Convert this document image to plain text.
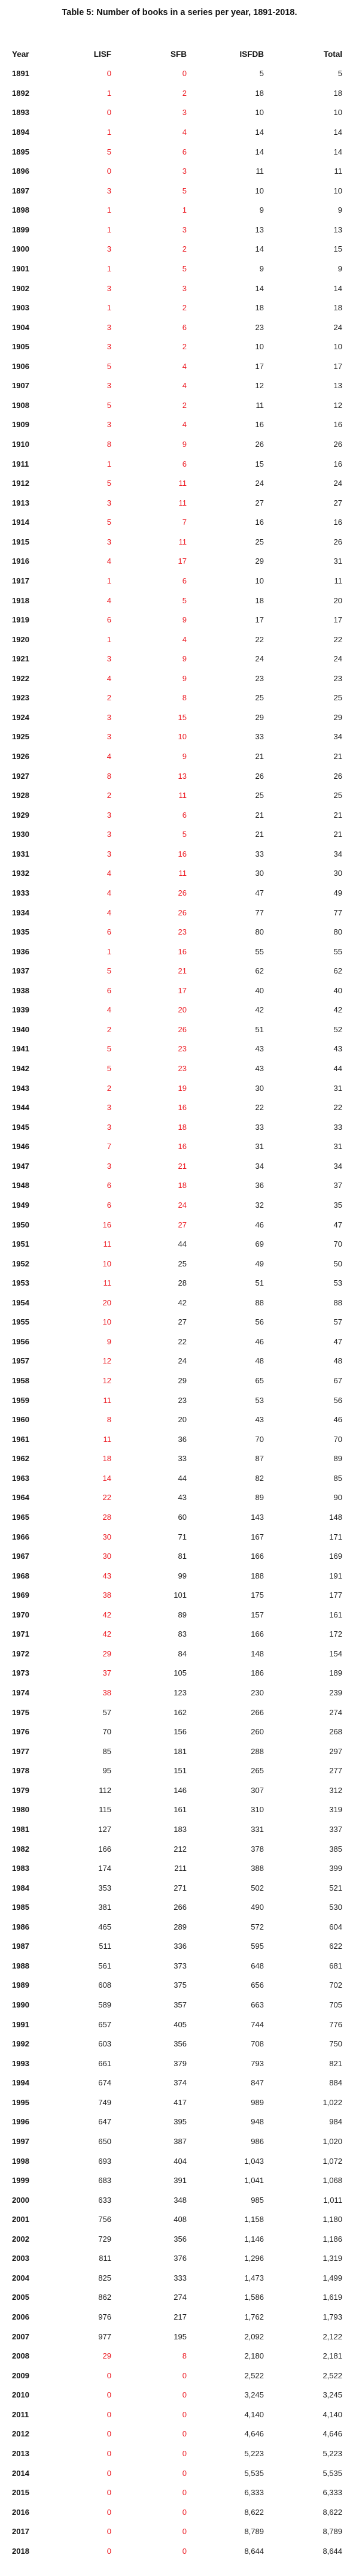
Table 5: Number of books in a series per year, 1891-2018.
Year	LISF	SFB	ISFDB	Total
1891	0	0	5	5
1892	1	2	18	18
1893	0	3	10	10
1894	1	4	14	14
1895	5	6	14	14
1896	0	3	11	11
1897	3	5	10	10
1898	1	1	9	9
1899	1	3	13	13
1900	3	2	14	15
1901	1	5	9	9
1902	3	3	14	14
1903	1	2	18	18
1904	3	6	23	24
1905	3	2	10	10
1906	5	4	17	17
1907	3	4	12	13
1908	5	2	11	12
1909	3	4	16	16
1910	8	9	26	26
1911	1	6	15	16
1912	5	11	24	24
1913	3	11	27	27
1914	5	7	16	16
1915	3	11	25	26
1916	4	17	29	31
1917	1	6	10	11
1918	4	5	18	20
1919	6	9	17	17
1920	1	4	22	22
1921	3	9	24	24
1922	4	9	23	23
1923	2	8	25	25
1924	3	15	29	29
1925	3	10	33	34
1926	4	9	21	21
1927	8	13	26	26
1928	2	11	25	25
1929	3	6	21	21
1930	3	5	21	21
1931	3	16	33	34
1932	4	11	30	30
1933	4	26	47	49
1934	4	26	77	77
1935	6	23	80	80
1936	1	16	55	55
1937	5	21	62	62
1938	6	17	40	40
1939	4	20	42	42
1940	2	26	51	52
1941	5	23	43	43
1942	5	23	43	44
1943	2	19	30	31
1944	3	16	22	22
1945	3	18	33	33
1946	7	16	31	31
1947	3	21	34	34
1948	6	18	36	37
1949	6	24	32	35
1950	16	27	46	47
1951	11	44	69	70
1952	10	25	49	50
1953	11	28	51	53
1954	20	42	88	88
1955	10	27	56	57
1956	9	22	46	47
1957	12	24	48	48
1958	12	29	65	67
1959	11	23	53	56
1960	8	20	43	46
1961	11	36	70	70
1962	18	33	87	89
1963	14	44	82	85
1964	22	43	89	90
1965	28	60	143	148
1966	30	71	167	171
1967	30	81	166	169
1968	43	99	188	191
1969	38	101	175	177
1970	42	89	157	161
1971	42	83	166	172
1972	29	84	148	154
1973	37	105	186	189
1974	38	123	230	239
1975	57	162	266	274
1976	70	156	260	268
1977	85	181	288	297
1978	95	151	265	277
1979	112	146	307	312
1980	115	161	310	319
1981	127	183	331	337
1982	166	212	378	385
1983	174	211	388	399
1984	353	271	502	521
1985	381	266	490	530
1986	465	289	572	604
1987	511	336	595	622
1988	561	373	648	681
1989	608	375	656	702
1990	589	357	663	705
1991	657	405	744	776
1992	603	356	708	750
1993	661	379	793	821
1994	674	374	847	884
1995	749	417	989	1,022
1996	647	395	948	984
1997	650	387	986	1,020
1998	693	404	1,043	1,072
1999	683	391	1,041	1,068
2000	633	348	985	1,011
2001	756	408	1,158	1,180
2002	729	356	1,146	1,186
2003	811	376	1,296	1,319
2004	825	333	1,473	1,499
2005	862	274	1,586	1,619
2006	976	217	1,762	1,793
2007	977	195	2,092	2,122
2008	29	8	2,180	2,181
2009	0	0	2,522	2,522
2010	0	0	3,245	3,245
2011	0	0	4,140	4,140
2012	0	0	4,646	4,646
2013	0	0	5,223	5,223
2014	0	0	5,535	5,535
2015	0	0	6,333	6,333
2016	0	0	8,622	8,622
2017	0	0	8,789	8,789
2018	0	0	8,644	8,644
